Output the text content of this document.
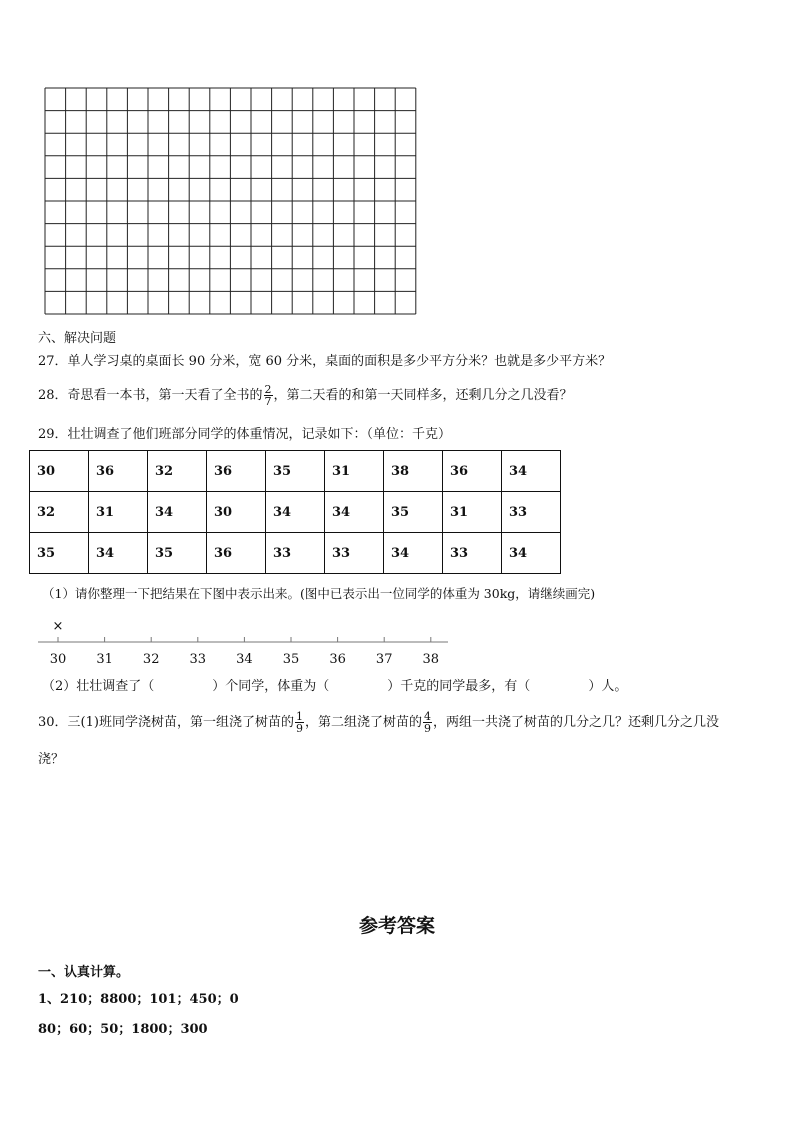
六、解决问题
27．单人学习桌的桌面长 90 分米，宽 60 分米，桌面的面积是多少平方分米？也就是多少平方米？
28．奇思看一本书，第一天看了全书的 $\frac{2}{7}$ ，第二天看的和第一天同样多，还剩几分之几没看？
29．壮壮调查了他们班部分同学的体重情况，记录如下：（单位：千克）
30	36	32	36	35	31	38	36	34
32	31	34	30	34	34	35	31	33
35	34	35	36	33	33	34	33	34
（1）请你整理一下把结果在下图中表示出来。(图中已表示出一位同学的体重为 30kg，请继续画完)
30 31 32 33 34 35 36 37 38
×
（2）壮壮调查了（	）个同学，体重为（	）千克的同学最多，有（	）人。
30．三(1)班同学浇树苗，第一组浇了树苗的 $\frac{1}{9}$ ，第二组浇了树苗的 $\frac{4}{9}$ ，两组一共浇了树苗的几分之几？还剩几分之几没
浇？
参考答案
一、认真计算。
1、210；8800；101；450；0
80；60；50；1800；300
